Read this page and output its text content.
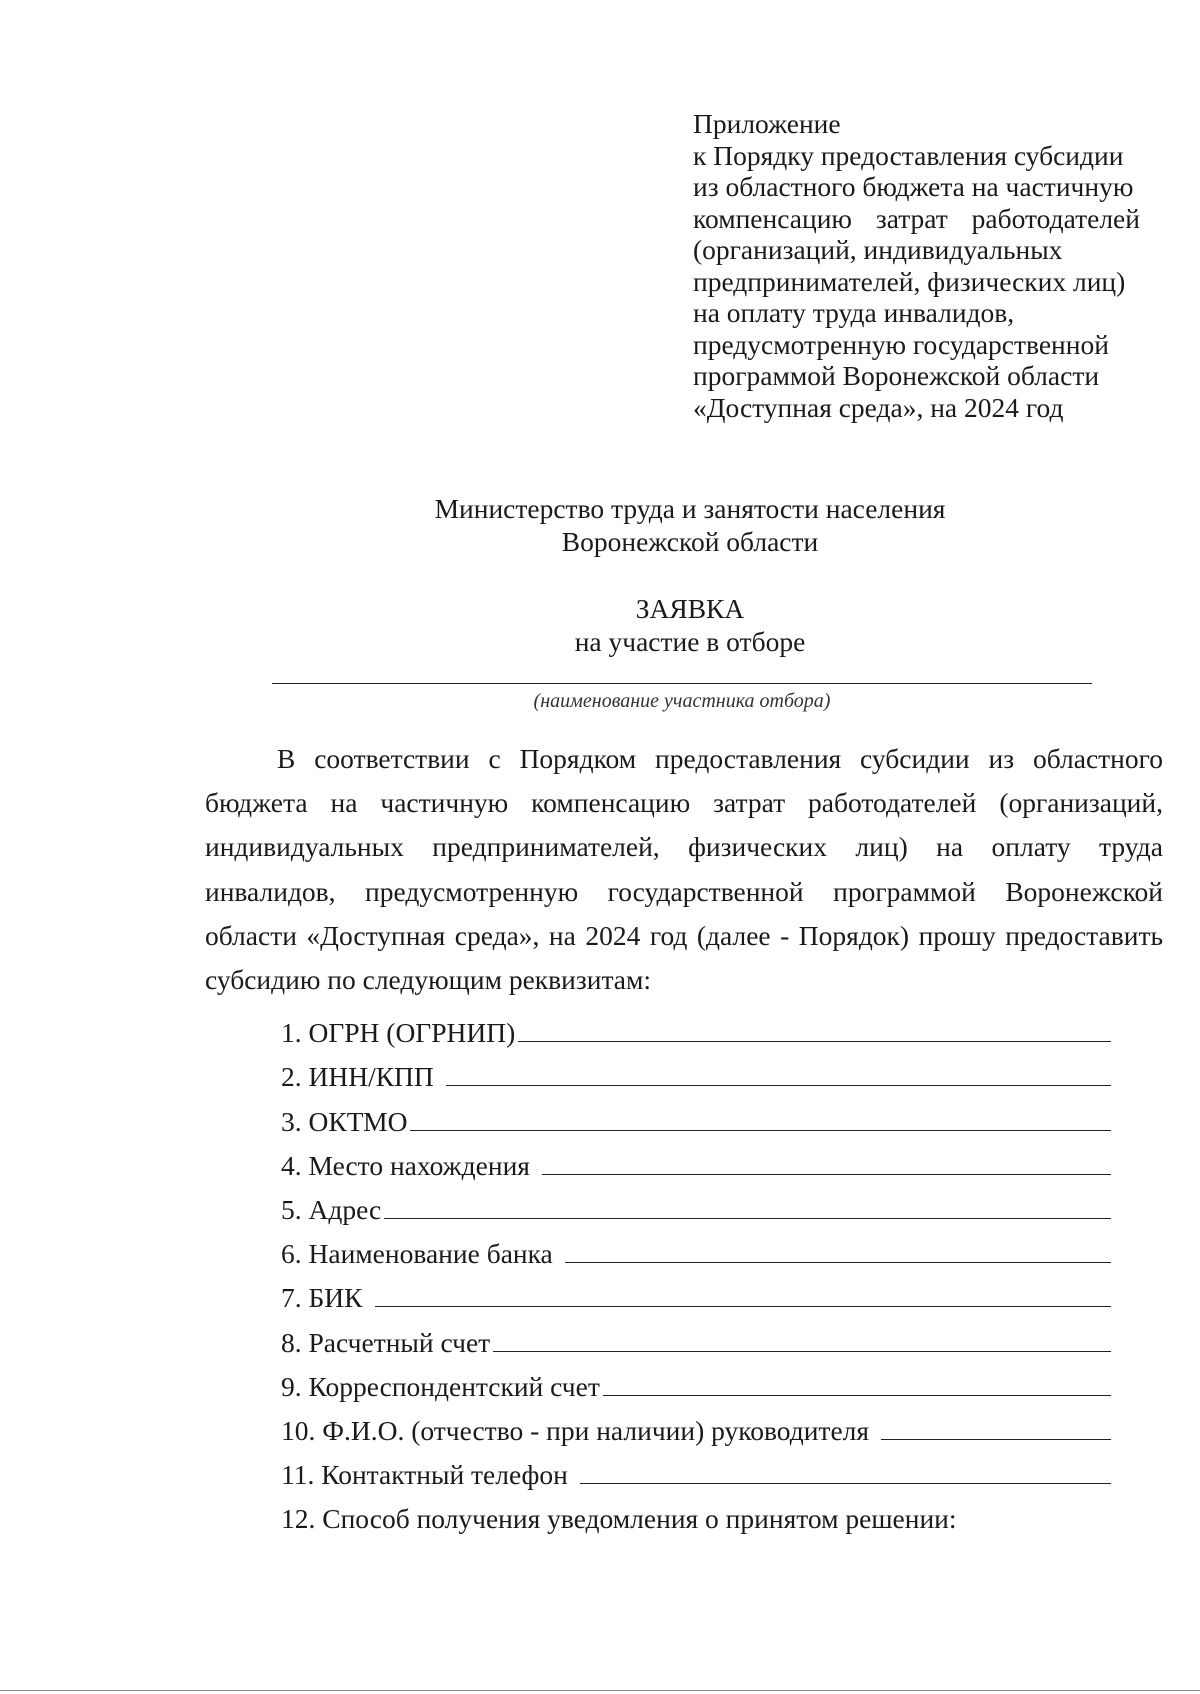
Приложение
к Порядку предоставления субсидии
из областного бюджета на частичную
компенсацию затрат работодателей
(организаций, индивидуальных
предпринимателей, физических лиц)
на оплату труда инвалидов,
предусмотренную государственной
программой Воронежской области
«Доступная среда», на 2024 год
Министерство труда и занятости населения
Воронежской области
ЗАЯВКА
на участие в отборе
(наименование участника отбора)

В соответствии с Порядком предоставления субсидии из областного бюджета на частичную компенсацию затрат работодателей (организаций, индивидуальных предпринимателей, физических лиц) на оплату труда инвалидов, предусмотренную государственной программой Воронежской области «Доступная среда», на 2024 год (далее - Порядок) прошу предоставить субсидию по следующим реквизитам:

1. ОГРН (ОГРНИП)
2. ИНН/КПП
3. ОКТМО
4. Место нахождения
5. Адрес
6. Наименование банка
7. БИК
8. Расчетный счет
9. Корреспондентский счет
10. Ф.И.О. (отчество - при наличии) руководителя
11. Контактный телефон
12. Способ получения уведомления о принятом решении:
